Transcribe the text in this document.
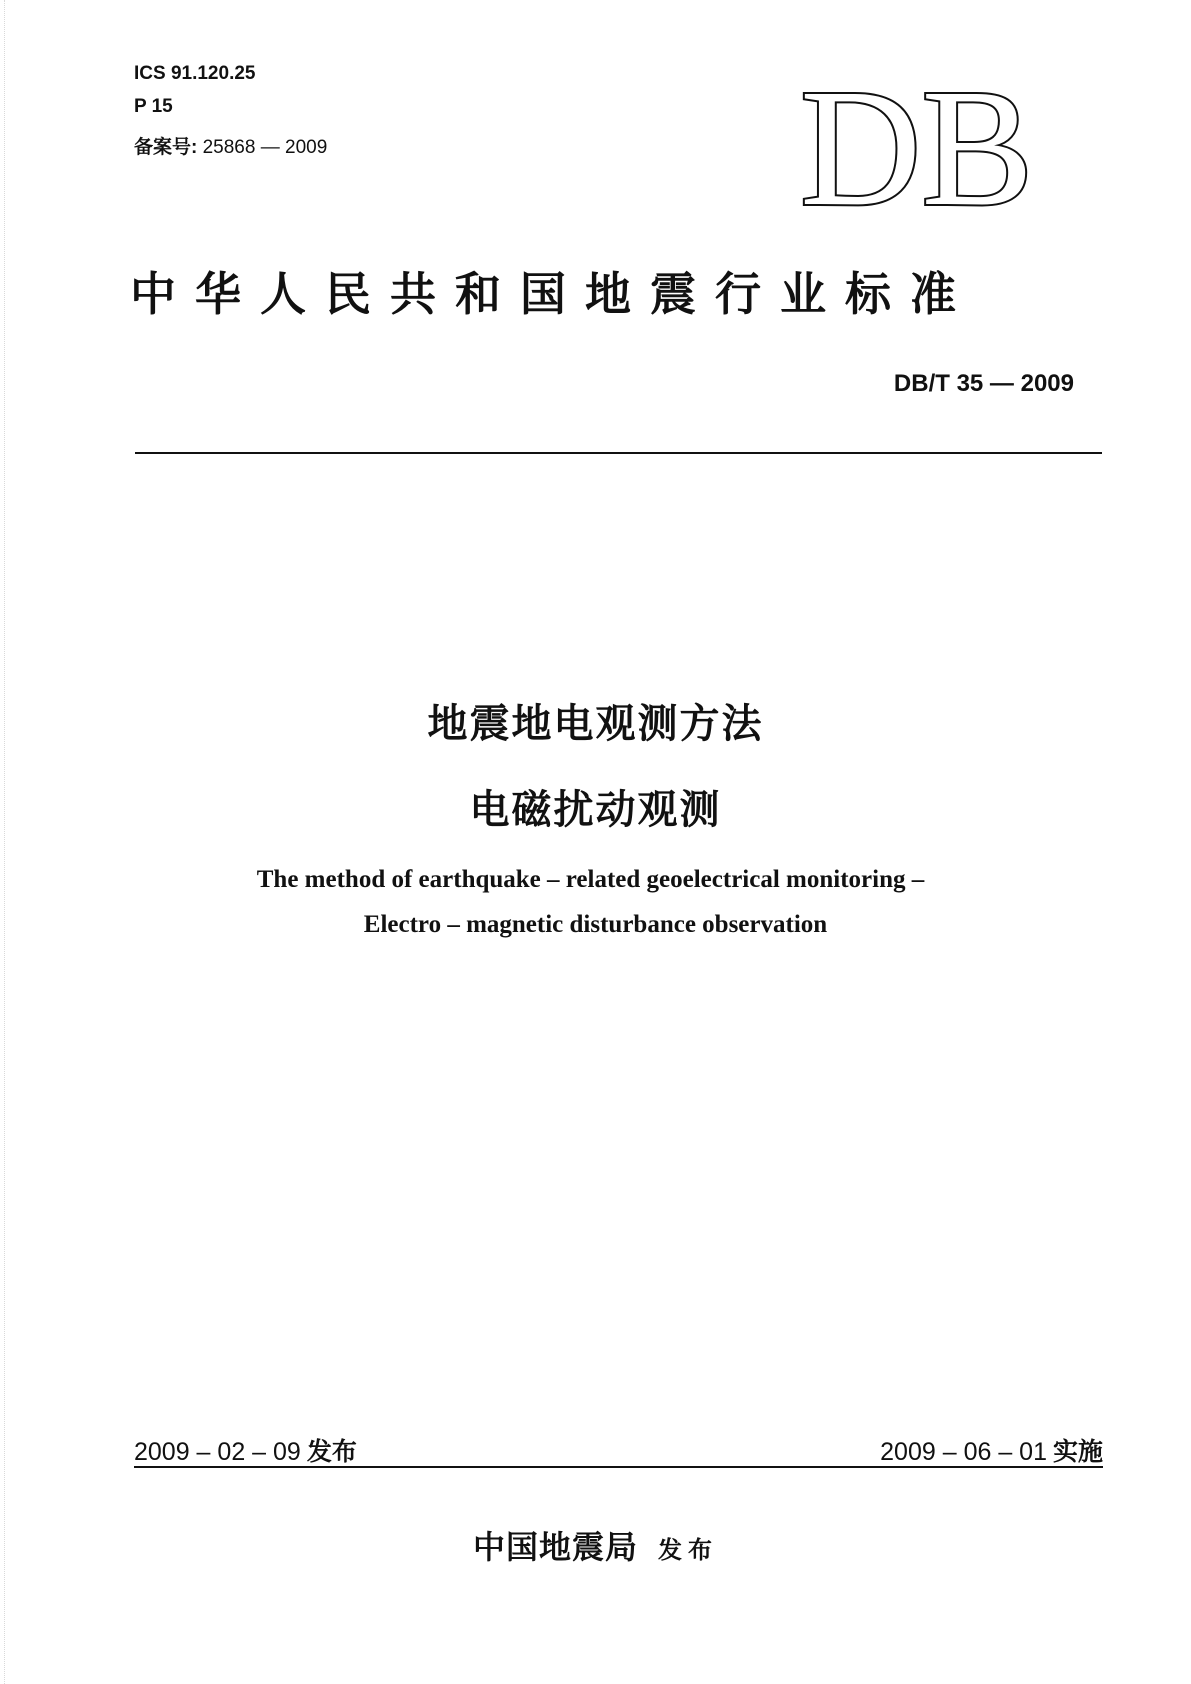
ICS 91.120.25
P 15
备案号: 25868 — 2009	DB
中华人民共和国地震行业标准
DB/T 35 — 2009
地震地电观测方法
电磁扰动观测
The method of earthquake – related geoelectrical monitoring –
Electro – magnetic disturbance observation
2009 – 02 – 09 发布	2009 – 06 – 01 实施
中国地震局 发布
